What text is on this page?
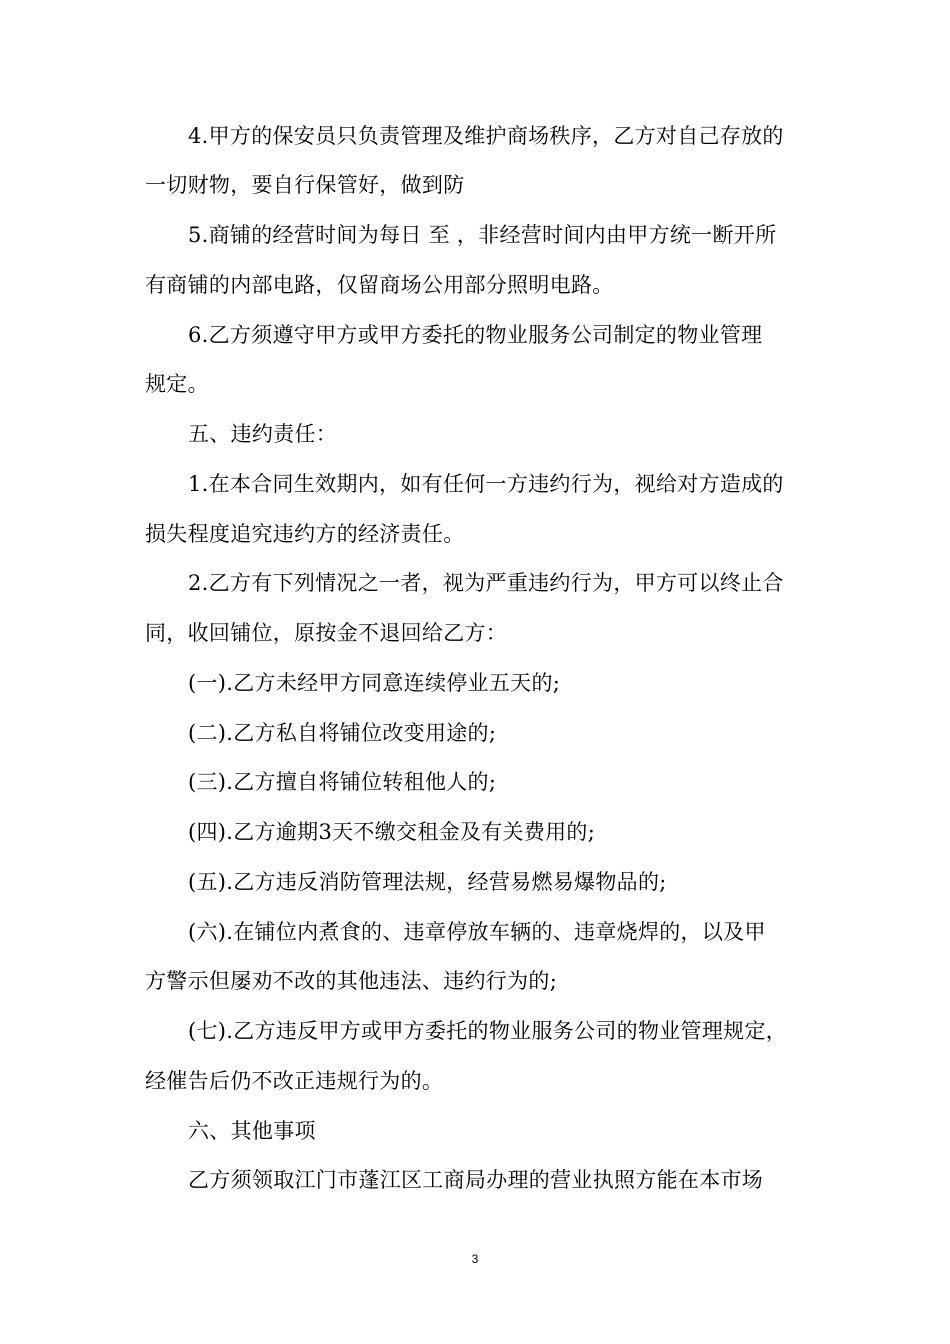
4.甲方的保安员只负责管理及维护商场秩序，乙方对自己存放的
一切财物，要自行保管好，做到防
5.商铺的经营时间为每日 至 ，非经营时间内由甲方统一断开所
有商铺的内部电路，仅留商场公用部分照明电路。
6.乙方须遵守甲方或甲方委托的物业服务公司制定的物业管理
规定。
五、违约责任：
1.在本合同生效期内，如有任何一方违约行为，视给对方造成的
损失程度追究违约方的经济责任。
2.乙方有下列情况之一者，视为严重违约行为，甲方可以终止合
同，收回铺位，原按金不退回给乙方：
(一).乙方未经甲方同意连续停业五天的;
(二).乙方私自将铺位改变用途的;
(三).乙方擅自将铺位转租他人的;
(四).乙方逾期3天不缴交租金及有关费用的;
(五).乙方违反消防管理法规，经营易燃易爆物品的;
(六).在铺位内煮食的、违章停放车辆的、违章烧焊的，以及甲
方警示但屡劝不改的其他违法、违约行为的;
(七).乙方违反甲方或甲方委托的物业服务公司的物业管理规定，
经催告后仍不改正违规行为的。
六、其他事项
乙方须领取江门市蓬江区工商局办理的营业执照方能在本市场
3
